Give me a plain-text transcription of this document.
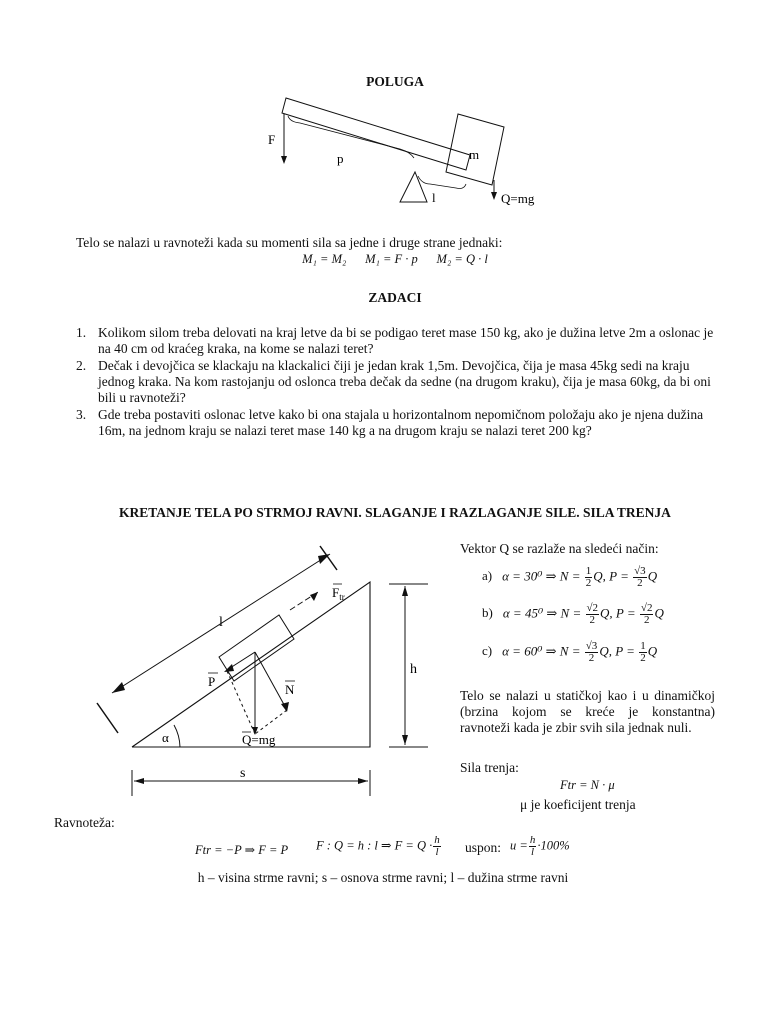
POLUGA
F
p	m
l	Q=mg
Telo se nalazi u ravnoteži kada su momenti sila sa jedne i druge strane jednaki:
M₁ = M₂      M₁ = F · p      M₂ = Q · l
ZADACI
1. Kolikom silom treba delovati na kraj letve da bi se podigao teret mase 150 kg, ako je dužina letve 2m a oslonac je na 40 cm od kraćeg kraka, na kome se nalazi teret?
2. Dečak i devojčica se klackaju na klackalici čiji je jedan krak 1,5m. Devojčica, čija je masa 45kg sedi na kraju jednog kraka. Na kom rastojanju od oslonca treba dečak da sedne (na drugom kraku), čija je masa 60kg, da bi oni bili u ravnoteži?
3. Gde treba postaviti oslonac letve kako bi ona stajala u horizontalnom nepomičnom položaju ako je njena dužina 16m, na jednom kraju se nalazi teret mase 140 kg a na drugom kraju se nalazi teret 200 kg?
KRETANJE TELA PO STRMOJ RAVNI. SLAGANJE I RAZLAGANJE SILE. SILA TRENJA
α
l
$F_{tr}$
N
P
Q=mg
h
s
Vektor Q se razlaže na sledeći način:
a) α = 30⁰ ⇒ $N = \frac{1}{2} Q$, $P = \frac{√3}{2}$ Q
b) α = 45⁰ ⇒ $N = \frac{√2}{2} Q$, $P = \frac{√2}{2}$ Q
c) α = 60⁰ ⇒ $N = \frac{√3}{2} Q$, $P = \frac{1}{2}$ Q
Telo se nalazi u statičkoj kao i u dinamičkoj (brzina kojom se kreće je konstantna) ravnoteži kada je zbir svih sila jednak nuli.
Sila trenja:
Ftr = N · μ
μ je koeficijent trenja
Ravnoteža:
Ftr = −P ⇒ F = P F : Q = h : l ⇒ $F = Q \cdot \frac{h}{l}$ uspon: $u = \frac{h}{l} \cdot 100\%$
h – visina strme ravni; s – osnova strme ravni; l – dužina strme ravni
